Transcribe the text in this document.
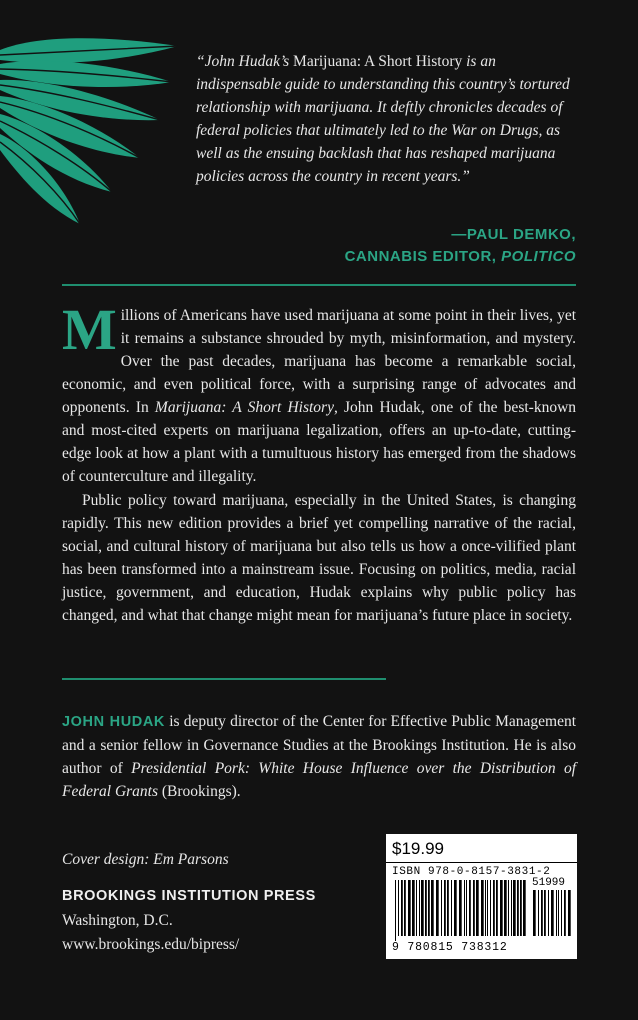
“John Hudak’s Marijuana: A Short History is an indispensable guide to understanding this country’s tortured relationship with marijuana. It deftly chronicles decades of federal policies that ultimately led to the War on Drugs, as well as the ensuing backlash that has reshaped marijuana policies across the country in recent years.”
—PAUL DEMKO,
CANNABIS EDITOR, POLITICO

Millions of Americans have used marijuana at some point in their lives, yet it remains a substance shrouded by myth, misinformation, and mystery. Over the past decades, marijuana has become a remarkable social, economic, and even political force, with a surprising range of advocates and opponents. In Marijuana: A Short History, John Hudak, one of the best-known and most-cited experts on marijuana legalization, offers an up-to-date, cutting-edge look at how a plant with a tumultuous history has emerged from the shadows of counterculture and illegality.

Public policy toward marijuana, especially in the United States, is changing rapidly. This new edition provides a brief yet compelling narrative of the racial, social, and cultural history of marijuana but also tells us how a once-vilified plant has been transformed into a mainstream issue. Focusing on politics, media, racial justice, government, and education, Hudak explains why public policy has changed, and what that change might mean for marijuana’s future place in society.

JOHN HUDAK is deputy director of the Center for Effective Public Management and a senior fellow in Governance Studies at the Brookings Institution. He is also author of Presidential Pork: White House Influence over the Distribution of Federal Grants (Brookings).
Cover design: Em Parsons
BROOKINGS INSTITUTION PRESS
Washington, D.C.
www.brookings.edu/bipress/
$19.99
ISBN 978-0-8157-3831-2
51999
9 780815 738312
